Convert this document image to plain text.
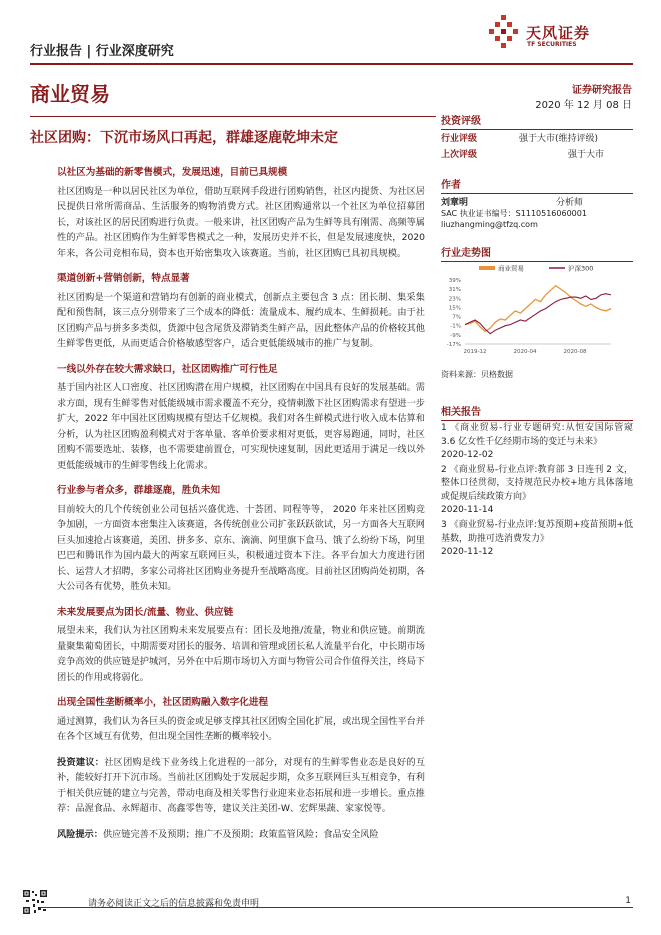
行业报告 | 行业深度研究
天风证券
TF SECURITIES
商业贸易	证券研究报告
2020 年 12 月 08 日
社区团购：下沉市场风口再起，群雄逐鹿乾坤未定
以社区为基础的新零售模式，发展迅速，目前已具规模

社区团购是一种以居民社区为单位，借助互联网手段进行团购销售，社区内提货、为社区居民提供日常所需商品、生活服务的购物消费方式。社区团购通常以一个社区为单位招募团长，对该社区的居民团购进行负责。一般来讲，社区团购产品为生鲜等具有刚需、高频等属性的产品。社区团购作为生鲜零售模式之一种，发展历史并不长，但是发展速度快，2020 年来，各公司竞相布局，资本也开始密集攻入该赛道。当前，社区团购已具初具规模。

渠道创新+营销创新，特点显著

社区团购是一个渠道和营销均有创新的商业模式，创新点主要包含 3 点：团长制、集采集配和预售制，该三点分别带来了三个成本的降低：流量成本、履约成本、生鲜损耗。由于社区团购产品与拼多多类似，货源中包含尾货及滞销类生鲜产品，因此整体产品的价格较其他生鲜零售更低，从而更适合价格敏感型客户，适合更低能级城市的推广与复制。

一线以外存在较大需求缺口，社区团购推广可行性足

基于国内社区人口密度、社区团购潜在用户规模，社区团购在中国具有良好的发展基础。需求方面，现有生鲜零售对低能级城市需求覆盖不充分，疫情刺激下社区团购需求有望进一步扩大，2022 年中国社区团购规模有望达千亿规模。我们对各生鲜模式进行收入成本估算和分析，认为社区团购盈利模式对于客单量、客单价要求相对更低，更容易跑通，同时，社区团购不需要选址、装修，也不需要建前置仓，可实现快速复制，因此更适用于满足一线以外更低能级城市的生鲜零售线上化需求。

行业参与者众多，群雄逐鹿，胜负未知

目前较大的几个传统创业公司包括兴盛优选、十荟团、同程等等， 2020 年来社区团购竞争加剧，一方面资本密集注入该赛道，各传统创业公司扩张跃跃欲试，另一方面各大互联网巨头加速抢占该赛道，美团、拼多多、京东、滴滴、阿里旗下盒马、饿了么纷纷下场，阿里巴巴和腾讯作为国内最大的两家互联网巨头，积极通过资本下注。各平台加大力度进行团长、运营人才招聘，多家公司将社区团购业务提升至战略高度。目前社区团购尚处初期，各大公司各有优势，胜负未知。

未来发展要点为团长/流量、物业、供应链

展望未来，我们认为社区团购未来发展要点有：团长及地推/流量，物业和供应链。前期流量聚集葡萄团长，中期需要对团长的服务、培训和管理或团长私人流量平台化，中长期市场竞争高效的供应链是护城河，另外在中后期市场切入方面与物管公司合作值得关注，终局下团长的作用或将弱化。

出现全国性垄断概率小，社区团购融入数字化进程

通过测算，我们认为各巨头的资金或足够支撑其社区团购全国化扩展，或出现全国性平台并在各个区域互有优势，但出现全国性垄断的概率较小。

投资建议：社区团购是线下业务线上化进程的一部分，对现有的生鲜零售业态是良好的互补，能较好打开下沉市场。当前社区团购处于发展起步期，众多互联网巨头互相竞争，有利于相关供应链的建立与完善，带动电商及相关零售行业迎来业态拓展和进一步增长。重点推荐：品渥食品、永辉超市、高鑫零售等，建议关注美团-W、宏辉果蔬、家家悦等。
风险提示：供应链完善不及预期；推广不及预期；政策监管风险；食品安全风险
投资评级
行业评级	强于大市(维持评级)
上次评级	强于大市
作者
刘章明	分析师
SAC 执业证书编号：S1110516060001
liuzhangming@tfzq.com
行业走势图
商业贸易	沪深300
39%
31%
23%
15%
7%
-1%
-9%
-17%
2019-12	2020-04	2020-08
资料来源：贝格数据
相关报告
1 《商业贸易-行业专题研究:从恒安国际管窥 3.6 亿女性千亿经期市场的变迁与未来》
2020-12-02
2 《商业贸易-行业点评:教育部 3 日连刊 2 文，整体口径贯彻，支持规范民办校+地方具体落地或促规后续政策方向》
2020-11-14
3 《商业贸易-行业点评:复苏预期+疫苗预期+低基数，助推可选消费发力》
2020-11-12
请务必阅读正文之后的信息披露和免责申明	1
